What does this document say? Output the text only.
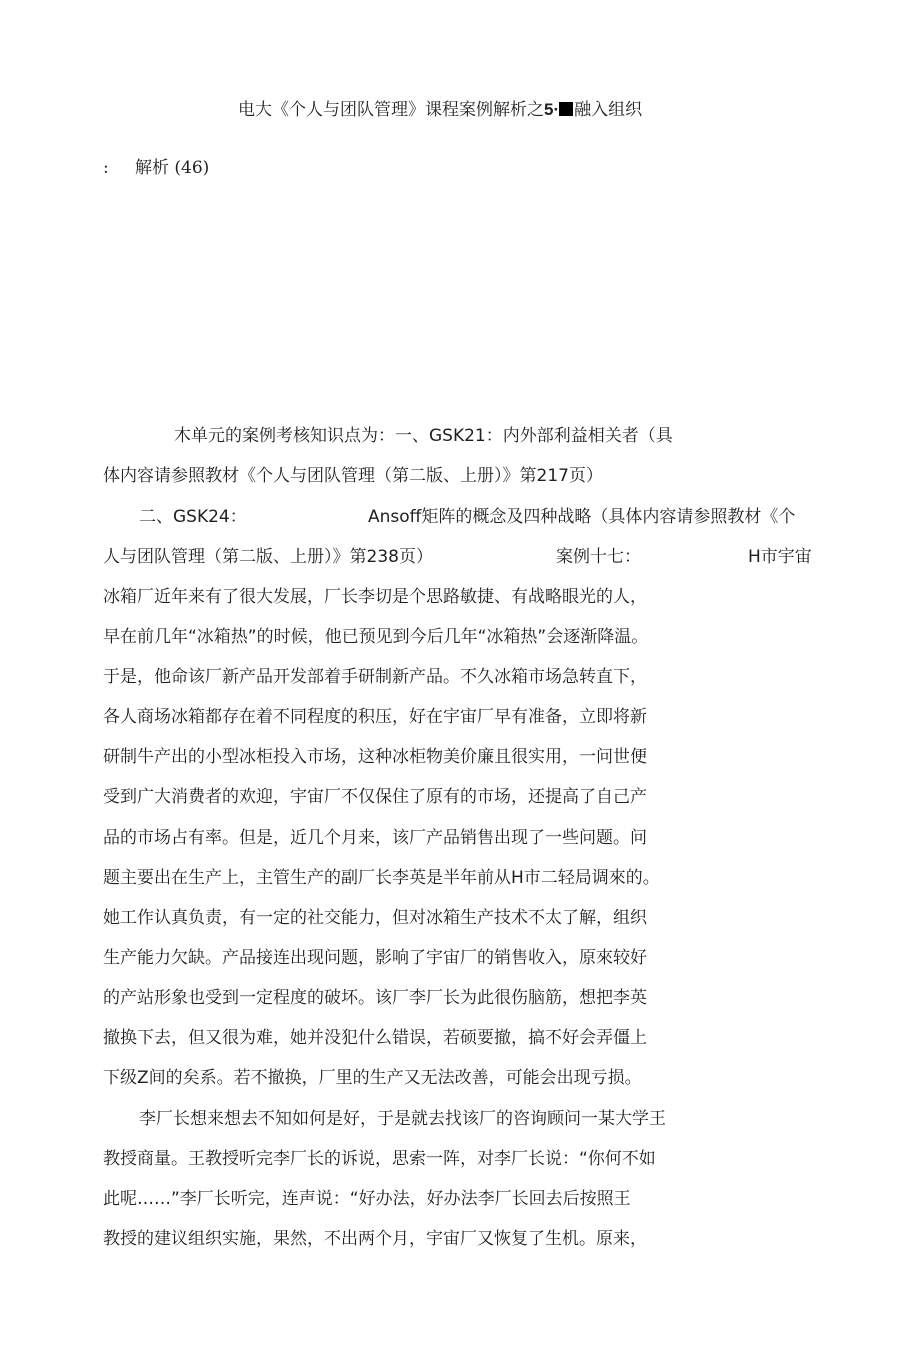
电大《个人与团队管理》课程案例解析之5· 融入组织
: 解析 (46)
木单元的案例考核知识点为：一、GSK21：内外部利益相关者（具
体内容请参照教材《个人与团队管理（第二版、上册）》第217页）
二、GSK24：	Ansoff矩阵的概念及四种战略（具体内容请参照教材《个
人与团队管理（第二版、上册）》第238页）	案例十七：	H市宇宙
冰箱厂近年来有了很大发展，厂长李切是个思路敏捷、有战略眼光的人，
早在前几年“冰箱热”的时候，他已预见到今后几年“冰箱热”会逐渐降温。
于是，他命该厂新产品开发部着手研制新产品。不久冰箱市场急转直下，
各人商场冰箱都存在着不同程度的积压，好在宇宙厂早有准备，立即将新
研制牛产出的小型冰柜投入市场，这种冰柜物美价廉且很实用，一问世便
受到广大消费者的欢迎，宇宙厂不仅保住了原有的市场，还提高了自己产
品的市场占有率。但是，近几个月来，该厂产品销售出现了一些问题。问
题主要出在生产上，主管生产的副厂长李英是半年前从H市二轻局调來的。
她工作认真负责，有一定的社交能力，但对冰箱生产技术不太了解，组织
生产能力欠缺。产品接连出现问题，影响了宇宙厂的销售收入，原來较好
的产站形象也受到一定程度的破坏。该厂李厂长为此很伤脑筋，想把李英
撤换下去，但又很为难，她并没犯什么错误，若硕要撤，搞不好会弄僵上
下级Z间的矣系。若不撤换，厂里的生产又无法改善，可能会出现亏损。
李厂长想来想去不知如何是好，于是就去找该厂的咨询顾问一某大学王
教授商量。王教授听完李厂长的诉说，思索一阵，对李厂长说：“你何不如
此呢……”李厂长听完，连声说：“好办法，好办法李厂长回去后按照王
教授的建议组织实施，果然，不出两个月，宇宙厂又恢复了生机。原来，
